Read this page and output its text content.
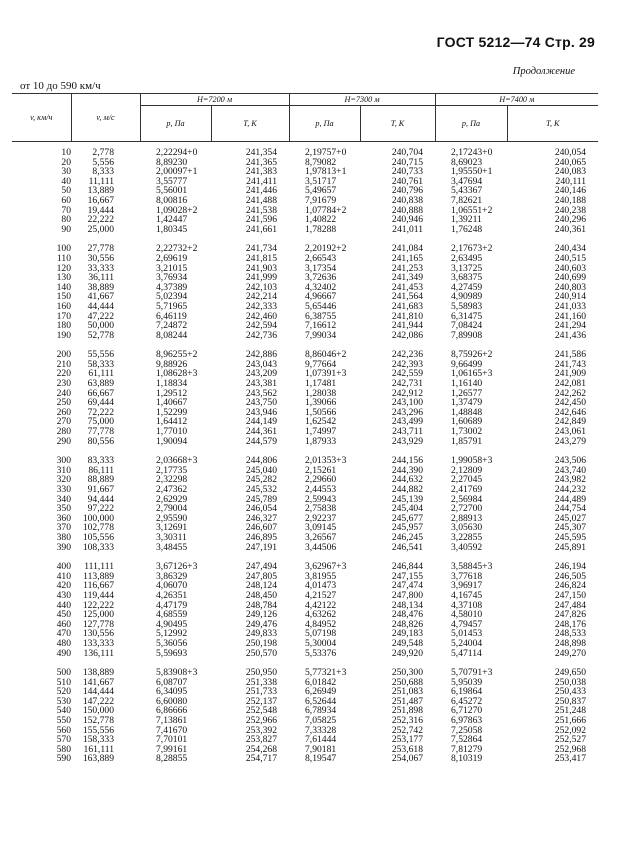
ГОСТ 5212—74 Стр. 29
Продолжение
от 10 до 590 км/ч
v, км/ч	v, м/с	H=7200 м		H=7300 м		H=7400 м	
		p, Па	T, К	p, Па	T, К	p, Па	T, К
10	2,778	2,22294+0	241,354	2,19757+0	240,704	2,17243+0	240,054
20	5,556	8,89230	241,365	8,79082	240,715	8,69023	240,065
30	8,333	2,00097+1	241,383	1,97813+1	240,733	1,95550+1	240,083
40	11,111	3,55777	241,411	3,51717	240,761	3,47694	240,111
50	13,889	5,56001	241,446	5,49657	240,796	5,43367	240,146
60	16,667	8,00816	241,488	7,91679	240,838	7,82621	240,188
70	19,444	1,09028+2	241,538	1,07784+2	240,888	1,06551+2	240,238
80	22,222	1,42447	241,596	1,40822	240,946	1,39211	240,296
90	25,000	1,80345	241,661	1,78288	241,011	1,76248	240,361

100	27,778	2,22732+2	241,734	2,20192+2	241,084	2,17673+2	240,434
110	30,556	2,69619	241,815	2,66543	241,165	2,63495	240,515
120	33,333	3,21015	241,903	3,17354	241,253	3,13725	240,603
130	36,111	3,76934	241,999	3,72636	241,349	3,68375	240,699
140	38,889	4,37389	242,103	4,32402	241,453	4,27459	240,803
150	41,667	5,02394	242,214	4,96667	241,564	4,90989	240,914
160	44,444	5,71965	242,333	5,65446	241,683	5,58983	241,033
170	47,222	6,46119	242,460	6,38755	241,810	6,31475	241,160
180	50,000	7,24872	242,594	7,16612	241,944	7,08424	241,294
190	52,778	8,08244	242,736	7,99034	242,086	7,89908	241,436

200	55,556	8,96255+2	242,886	8,86046+2	242,236	8,75926+2	241,586
210	58,333	9,88926	243,043	9,77664	242,393	9,66499	241,743
220	61,111	1,08628+3	243,209	1,07391+3	242,559	1,06165+3	241,909
230	63,889	1,18834	243,381	1,17481	242,731	1,16140	242,081
240	66,667	1,29512	243,562	1,28038	242,912	1,26577	242,262
250	69,444	1,40667	243,750	1,39066	243,100	1,37479	242,450
260	72,222	1,52299	243,946	1,50566	243,296	1,48848	242,646
270	75,000	1,64412	244,149	1,62542	243,499	1,60689	242,849
280	77,778	1,77010	244,361	1,74997	243,711	1,73002	243,061
290	80,556	1,90094	244,579	1,87933	243,929	1,85791	243,279

300	83,333	2,03668+3	244,806	2,01353+3	244,156	1,99058+3	243,506
310	86,111	2,17735	245,040	2,15261	244,390	2,12809	243,740
320	88,889	2,32298	245,282	2,29660	244,632	2,27045	243,982
330	91,667	2,47362	245,532	2,44553	244,882	2,41769	244,232
340	94,444	2,62929	245,789	2,59943	245,139	2,56984	244,489
350	97,222	2,79004	246,054	2,75838	245,404	2,72700	244,754
360	100,000	2,95590	246,327	2,92237	245,677	2,88913	245,027
370	102,778	3,12691	246,607	3,09145	245,957	3,05630	245,307
380	105,556	3,30311	246,895	3,26567	246,245	3,22855	245,595
390	108,333	3,48455	247,191	3,44506	246,541	3,40592	245,891

400	111,111	3,67126+3	247,494	3,62967+3	246,844	3,58845+3	246,194
410	113,889	3,86329	247,805	3,81955	247,155	3,77618	246,505
420	116,667	4,06070	248,124	4,01473	247,474	3,96917	246,824
430	119,444	4,26351	248,450	4,21527	247,800	4,16745	247,150
440	122,222	4,47179	248,784	4,42122	248,134	4,37108	247,484
450	125,000	4,68559	249,126	4,63262	248,476	4,58010	247,826
460	127,778	4,90495	249,476	4,84952	248,826	4,79457	248,176
470	130,556	5,12992	249,833	5,07198	249,183	5,01453	248,533
480	133,333	5,36056	250,198	5,30004	249,548	5,24004	248,898
490	136,111	5,59693	250,570	5,53376	249,920	5,47114	249,270

500	138,889	5,83908+3	250,950	5,77321+3	250,300	5,70791+3	249,650
510	141,667	6,08707	251,338	6,01842	250,688	5,95039	250,038
520	144,444	6,34095	251,733	6,26949	251,083	6,19864	250,433
530	147,222	6,60080	252,137	6,52644	251,487	6,45272	250,837
540	150,000	6,86666	252,548	6,78934	251,898	6,71270	251,248
550	152,778	7,13861	252,966	7,05825	252,316	6,97863	251,666
560	155,556	7,41670	253,392	7,33328	252,742	7,25058	252,092
570	158,333	7,70101	253,827	7,61444	253,177	7,52864	252,527
580	161,111	7,99161	254,268	7,90181	253,618	7,81279	252,968
590	163,889	8,28855	254,717	8,19547	254,067	8,10319	253,417
